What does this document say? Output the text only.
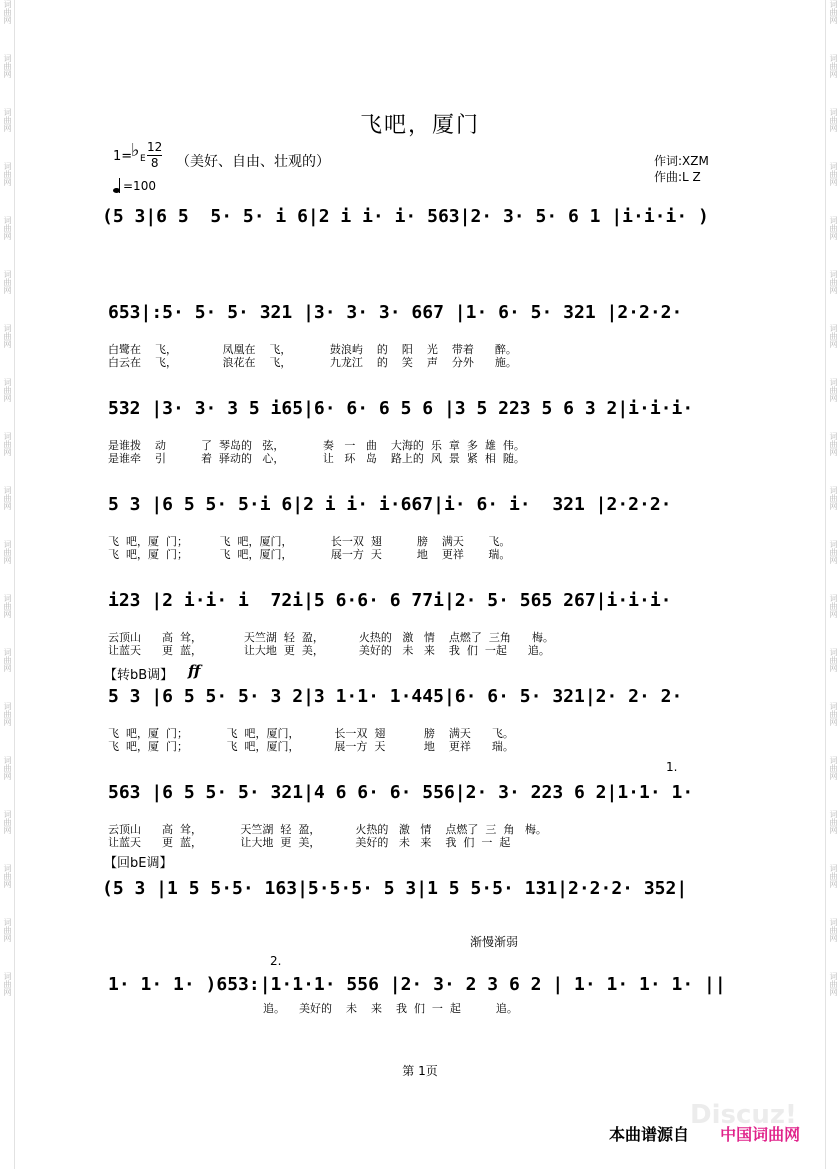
词曲网
词曲网
词曲网
词曲网
词曲网
词曲网
词曲网
词曲网
词曲网
词曲网
词曲网
词曲网
词曲网
词曲网
词曲网
词曲网
词曲网
词曲网
词曲网
词曲网
词曲网
词曲网
词曲网
词曲网
词曲网
词曲网
词曲网
词曲网
词曲网
词曲网
词曲网
词曲网
词曲网
词曲网
词曲网
词曲网
词曲网
词曲网
飞吧，厦门
1=
♭ E
12
8 （美好、自由、壮观的）
=100
作词:XZM
作曲:L Z
(5 3|6 5  5· 5· i 6|2 i i· i· 563|2· 3· 5· 6 1 |i·i·i· )
653|:5· 5· 5· 321 |3· 3· 3· 667 |1· 6· 5· 321 |2·2·2·
白鹭在    飞，             凤凰在    飞，           鼓浪屿    的    阳    光    带着      醉。
白云在    飞，             浪花在    飞，           九龙江    的    笑    声    分外      施。
532 |3· 3· 3 5 i65|6· 6· 6 5 6 |3 5 223 5 6 3 2|i·i·i·
是谁拨    动          了  琴岛的   弦，           奏   一   曲    大海的  乐  章  多  雄  伟。
是谁牵    引          着  驿动的   心，           让   环   岛    路上的  风  景  紧  相  随。
5 3 |6 5 5· 5·i 6|2 i i· i·667|i· 6· i·  321 |2·2·2·
飞  吧，厦  门；         飞  吧，厦门，           长一双  翅          膀    满天       飞。
飞  吧，厦  门；         飞  吧，厦门，           展一方  天          地    更祥       瑞。
i23 |2 i·i· i  72i|5 6·6· 6 77i|2· 5· 565 267|i·i·i·
云顶山      高  耸，            天竺湖  轻  盈，          火热的   激   情    点燃了  三角      梅。
让蓝天      更  蓝，            让大地  更  美，          美好的   未   来    我  们  一起      追。
【转bB调】 ff
5 3 |6 5 5· 5· 3 2|3 1·1· 1·445|6· 6· 5· 321|2· 2· 2·
飞  吧，厦  门；           飞  吧，厦门，          长一双  翅           膀    满天      飞。
飞  吧，厦  门；           飞  吧，厦门，          展一方  天           地    更祥      瑞。
1.
563 |6 5 5· 5· 321|4 6 6· 6· 556|2· 3· 223 6 2|1·1· 1·
云顶山      高  耸，           天竺湖  轻  盈，          火热的   激   情    点燃了  三  角   梅。
让蓝天      更  蓝，           让大地  更  美，          美好的   未   来    我  们  一  起
【回bE调】
(5 3 |1 5 5·5· 163|5·5·5· 5 3|1 5 5·5· 131|2·2·2· 352|
渐慢渐弱
2.
1· 1· 1· )653:|1·1·1· 556 |2· 3· 2 3 6 2 | 1· 1· 1· 1· ||
追。    美好的    未    来    我  们  一  起          追。
第 1页
Discuz!
本曲谱源自 中国词曲网
